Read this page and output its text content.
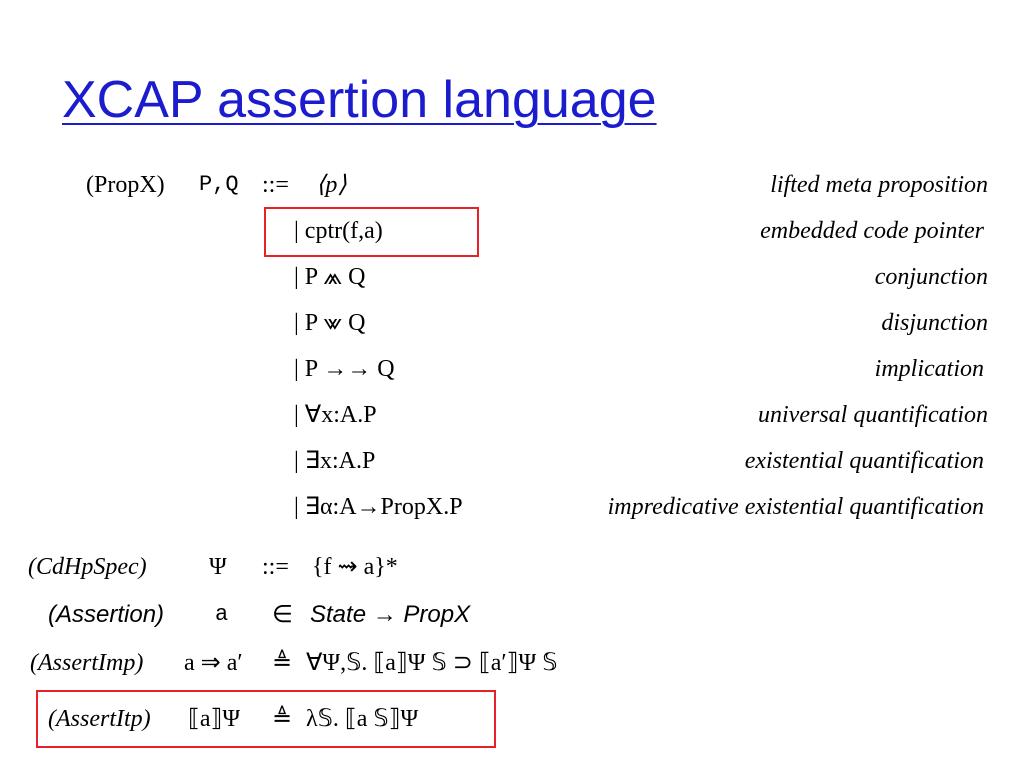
XCAP assertion language
(PropX) P,Q ::= ⟨p⟩	lifted meta proposition
| cptr(f,a)	embedded code pointer
| P ⩕ Q	conjunction
| P ⩖ Q	disjunction
| P →→ Q	implication
| ∀x:A.P	universal quantification
| ∃x:A.P	existential quantification
| ∃α:A→PropX.P	impredicative existential quantification
(CdHpSpec)	Ψ ::= {f ⇝ a}*
(Assertion) a ∈ State → PropX
(AssertImp) a ⇒ a′ ≜ ∀Ψ,𝕊. ⟦a⟧Ψ 𝕊 ⊃ ⟦a′⟧Ψ 𝕊
(AssertItp) ⟦a⟧Ψ ≜ λ𝕊. ⟦a 𝕊⟧Ψ
